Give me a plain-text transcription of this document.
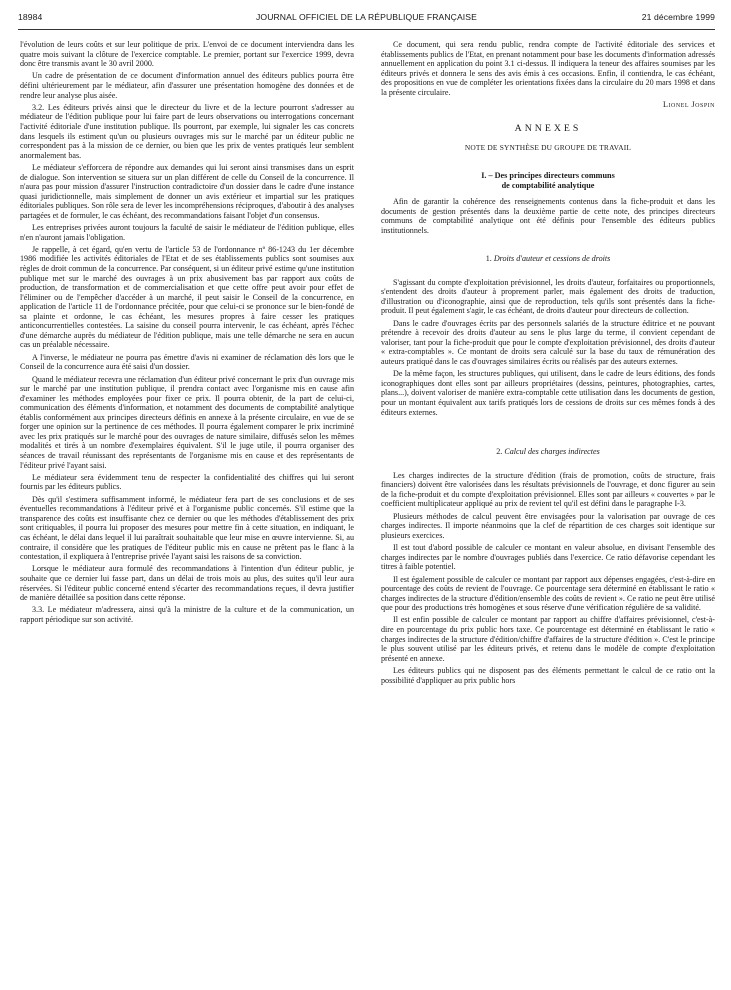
18984	JOURNAL OFFICIEL DE LA RÉPUBLIQUE FRANÇAISE	21 décembre 1999

l'évolution de leurs coûts et sur leur politique de prix. L'envoi de ce document interviendra dans les quatre mois suivant la clôture de l'exercice comptable. Le premier, portant sur l'exercice 1999, devra donc être transmis avant le 30 avril 2000.

Un cadre de présentation de ce document d'information annuel des éditeurs publics pourra être défini ultérieurement par le médiateur, afin d'assurer une présentation homogène des données et de rendre leur analyse plus aisée.

3.2. Les éditeurs privés ainsi que le directeur du livre et de la lecture pourront s'adresser au médiateur de l'édition publique pour lui faire part de leurs observations ou interrogations concernant l'activité éditoriale d'une institution publique. Ils pourront, par exemple, lui signaler les cas concrets dans lesquels ils estiment qu'un ou plusieurs ouvrages mis sur le marché par un éditeur public ne correspondent pas à la mission de ce dernier, ou bien que les prix de ventes pratiqués leur semblent anormalement bas.

Le médiateur s'efforcera de répondre aux demandes qui lui seront ainsi transmises dans un esprit de dialogue. Son intervention se situera sur un plan différent de celle du Conseil de la concurrence. Il n'aura pas pour mission d'assurer l'instruction contradictoire d'un dossier dans le cadre d'une instance quasi juridictionnelle, mais simplement de donner un avis extérieur et impartial sur les pratiques éditoriales publiques. Son rôle sera de lever les incompréhensions réciproques, d'aboutir à des analyses partagées et de formuler, le cas échéant, des recommandations faisant l'objet d'un consensus.

Les entreprises privées auront toujours la faculté de saisir le médiateur de l'édition publique, elles n'en n'auront jamais l'obligation.

Je rappelle, à cet égard, qu'en vertu de l'article 53 de l'ordonnance nº 86-1243 du 1er décembre 1986 modifiée les activités éditoriales de l'Etat et de ses établissements publics sont soumises aux règles de droit commun de la concurrence. Par conséquent, si un éditeur privé estime qu'une institution publique met sur le marché des ouvrages à un prix abusivement bas par rapport aux coûts de production, de transformation et de commercialisation et que cette offre peut avoir pour effet de l'éliminer ou de l'empêcher d'accéder à un marché, il peut saisir le Conseil de la concurrence, en application de l'article 11 de l'ordonnance précitée, pour que celui-ci se prononce sur le bien-fondé de sa plainte et ordonne, le cas échéant, les mesures propres à faire cesser les pratiques anticoncurrentielles contestées. La saisine du conseil pourra intervenir, le cas échéant, après l'échec d'une démarche auprès du médiateur de l'édition publique, mais une telle démarche ne sera en aucun cas un préalable nécessaire.

A l'inverse, le médiateur ne pourra pas émettre d'avis ni examiner de réclamation dès lors que le Conseil de la concurrence aura été saisi d'un dossier.

Quand le médiateur recevra une réclamation d'un éditeur privé concernant le prix d'un ouvrage mis sur le marché par une institution publique, il prendra contact avec l'organisme mis en cause afin d'examiner les méthodes employées pour fixer ce prix. Il pourra obtenir, de la part de celui-ci, communication des éléments d'information, et notamment des documents de comptabilité analytique établis conformément aux principes directeurs définis en annexe à la présente circulaire, en vue de se forger une opinion sur la pertinence de ces méthodes. Il pourra également comparer le prix incriminé avec les prix pratiqués sur le marché pour des ouvrages de nature similaire, diffusés selon les mêmes modalités et tirés à un nombre d'exemplaires équivalent. S'il le juge utile, il pourra organiser des séances de travail réunissant des représentants de l'organisme mis en cause et des représentants de l'éditeur privé l'ayant saisi.

Le médiateur sera évidemment tenu de respecter la confidentialité des chiffres qui lui seront fournis par les éditeurs publics.

Dès qu'il s'estimera suffisamment informé, le médiateur fera part de ses conclusions et de ses éventuelles recommandations à l'éditeur privé et à l'organisme public concernés. S'il estime que la transparence des coûts est insuffisante chez ce dernier ou que les méthodes d'établissement des prix sont critiquables, il pourra lui proposer des mesures pour mettre fin à cette situation, en indiquant, le cas échéant, le délai dans lequel il lui paraîtrait souhaitable que leur mise en œuvre intervienne. Si, au contraire, il considère que les pratiques de l'éditeur public mis en cause ne prêtent pas le flanc à la contestation, il expliquera à l'entreprise privée l'ayant saisi les raisons de sa conviction.

Lorsque le médiateur aura formulé des recommandations à l'intention d'un éditeur public, je souhaite que ce dernier lui fasse part, dans un délai de trois mois au plus, des suites qu'il leur aura réservées. Si l'éditeur public concerné entend s'écarter des recommandations reçues, il devra justifier de manière détaillée sa position dans cette réponse.

3.3. Le médiateur m'adressera, ainsi qu'à la ministre de la culture et de la communication, un rapport périodique sur son activité.

Ce document, qui sera rendu public, rendra compte de l'activité éditoriale des services et établissements publics de l'Etat, en prenant notamment pour base les documents d'information adressés annuellement en application du point 3.1 ci-dessus. Il indiquera la teneur des affaires soumises par les éditeurs privés et donnera le sens des avis émis à ces occasions. Enfin, il contiendra, le cas échéant, des propositions en vue de compléter les orientations fixées dans la circulaire du 20 mars 1998 et dans la présente circulaire.

Lionel Jospin
ANNEXES
NOTE DE SYNTHÈSE DU GROUPE DE TRAVAIL
I. – Des principes directeurs communs
de comptabilité analytique

Afin de garantir la cohérence des renseignements contenus dans la fiche-produit et dans les documents de gestion présentés dans la deuxième partie de cette note, des principes directeurs communs de comptabilité analytique ont été définis pour l'ensemble des éditeurs publics institutionnels.

1. Droits d'auteur et cessions de droits

S'agissant du compte d'exploitation prévisionnel, les droits d'auteur, forfaitaires ou proportionnels, s'entendent des droits d'auteur à proprement parler, mais également des droits de traduction, d'illustration ou d'iconographie, ainsi que de reproduction, tels qu'ils sont présentés dans la fiche-produit. Il peut également s'agir, le cas échéant, de droits d'auteur pour directeurs de collection.

Dans le cadre d'ouvrages écrits par des personnels salariés de la structure éditrice et ne pouvant prétendre à recevoir des droits d'auteur au sens le plus large du terme, il convient cependant de valoriser, tant pour la fiche-produit que pour le compte d'exploitation prévisionnel, des droits d'auteur « extra-comptables ». Ce montant de droits sera calculé sur la base du taux de rémunération des auteurs pratiqué dans le cas d'ouvrages similaires écrits ou réalisés par des auteurs externes.

De la même façon, les structures publiques, qui utilisent, dans le cadre de leurs éditions, des fonds iconographiques dont elles sont par ailleurs propriétaires (dessins, peintures, photographies, cartes, plans...), doivent valoriser de manière extra-comptable cette utilisation dans les documents de gestion, pour un montant équivalent aux tarifs pratiqués lors de cessions de droits sur ces mêmes fonds à des éditeurs externes.

2. Calcul des charges indirectes

Les charges indirectes de la structure d'édition (frais de promotion, coûts de structure, frais financiers) doivent être valorisées dans les résultats prévisionnels de l'ouvrage, et donc figurer au sein de la fiche-produit et du compte d'exploitation prévisionnel. Elles sont par ailleurs « couvertes » par le coefficient multiplicateur appliqué au prix de revient tel qu'il est défini dans le paragraphe I-3.

Plusieurs méthodes de calcul peuvent être envisagées pour la valorisation par ouvrage de ces charges indirectes. Il importe néanmoins que la clef de répartition de ces charges soit identique sur plusieurs exercices.

Il est tout d'abord possible de calculer ce montant en valeur absolue, en divisant l'ensemble des charges indirectes par le nombre d'ouvrages publiés dans l'exercice. Ce ratio défavorise cependant les titres à faible potentiel.

Il est également possible de calculer ce montant par rapport aux dépenses engagées, c'est-à-dire en pourcentage des coûts de revient de l'ouvrage. Ce pourcentage sera déterminé en établissant le ratio « charges indirectes de la structure d'édition/ensemble des coûts de revient ». Ce ratio ne peut être utilisé que pour des productions très homogènes et sous réserve d'une vérification régulière de sa validité.

Il est enfin possible de calculer ce montant par rapport au chiffre d'affaires prévisionnel, c'est-à-dire en pourcentage du prix public hors taxe. Ce pourcentage est déterminé en établissant le ratio « charges indirectes de la structure d'édition/chiffre d'affaires de la structure d'édition ». C'est le principe le plus souvent utilisé par les éditeurs privés, et retenu dans le modèle de compte d'exploitation présenté en annexe.

Les éditeurs publics qui ne disposent pas des éléments permettant le calcul de ce ratio ont la possibilité d'appliquer au prix public hors
